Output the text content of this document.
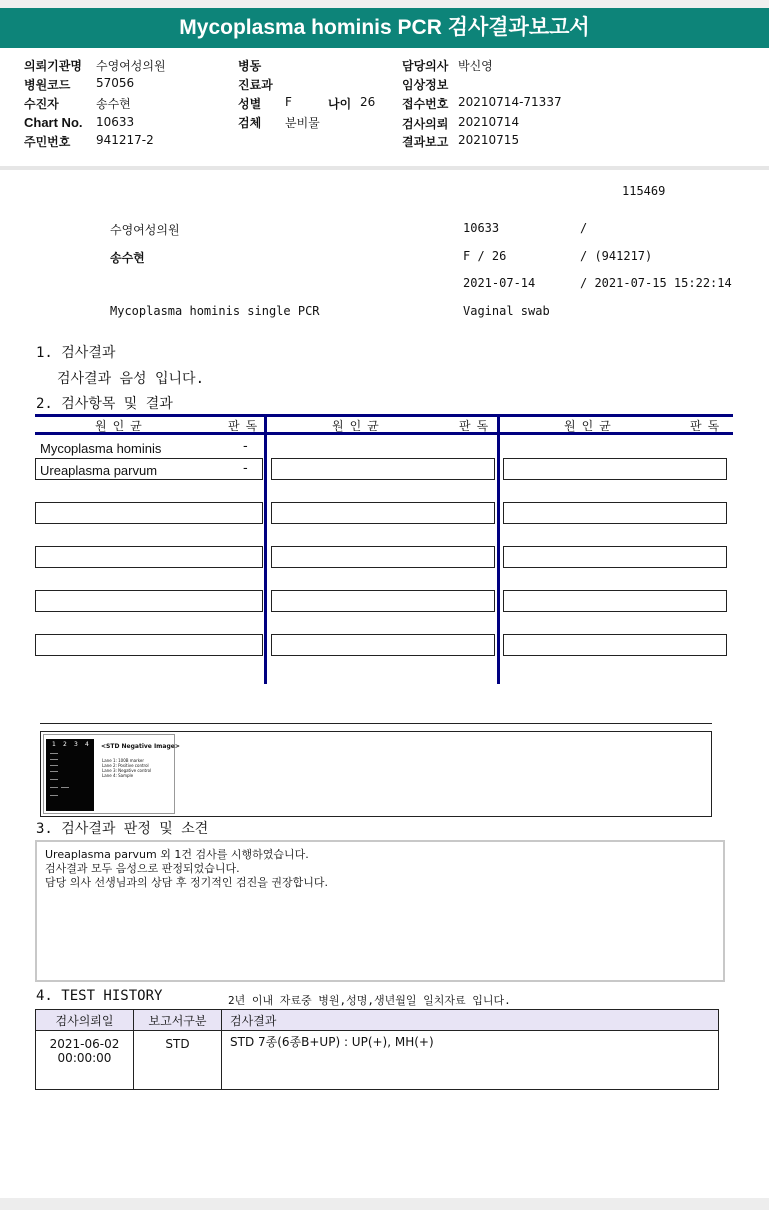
Mycoplasma hominis PCR 검사결과보고서
의뢰기관명 수영여성의원
병원코드 57056
수진자	송수현
Chart No. 10633
주민번호 941217-2
병동
진료과
성별 F	나이 26
검체 분비물
담당의사 박신영
임상정보
접수번호 20210714-71337
검사의뢰 20210714
결과보고 20210715
115469
수영여성의원	10633	/
송수현	F / 26	/ (941217)
2021-07-14	/ 2021-07-15 15:22:14
Mycoplasma hominis single PCR	Vaginal swab
1. 검사결과
검사결과 음성 입니다.
2. 검사항목 및 결과
원인균	판독	원인균	판독	원인균	판독
Mycoplasma hominis	-
Ureaplasma parvum	-
1 2 3 4 <STD Negative Image>
Lane 1: 100B marker
Lane 2: Positive control
Lane 3: Negative control
Lane 4: Sample
3. 검사결과 판정 및 소견
Ureaplasma parvum 외 1건 검사를 시행하였습니다.
검사결과 모두 음성으로 판정되었습니다.
담당 의사 선생님과의 상담 후 정기적인 검진을 권장합니다.
4. TEST HISTORY	2년 이내 자료중 병원,성명,생년월일 일치자료 입니다.
검사의뢰일	보고서구분	검사결과

2021-06-02
00:00:00	STD	STD 7종(6종B+UP) : UP(+), MH(+)
